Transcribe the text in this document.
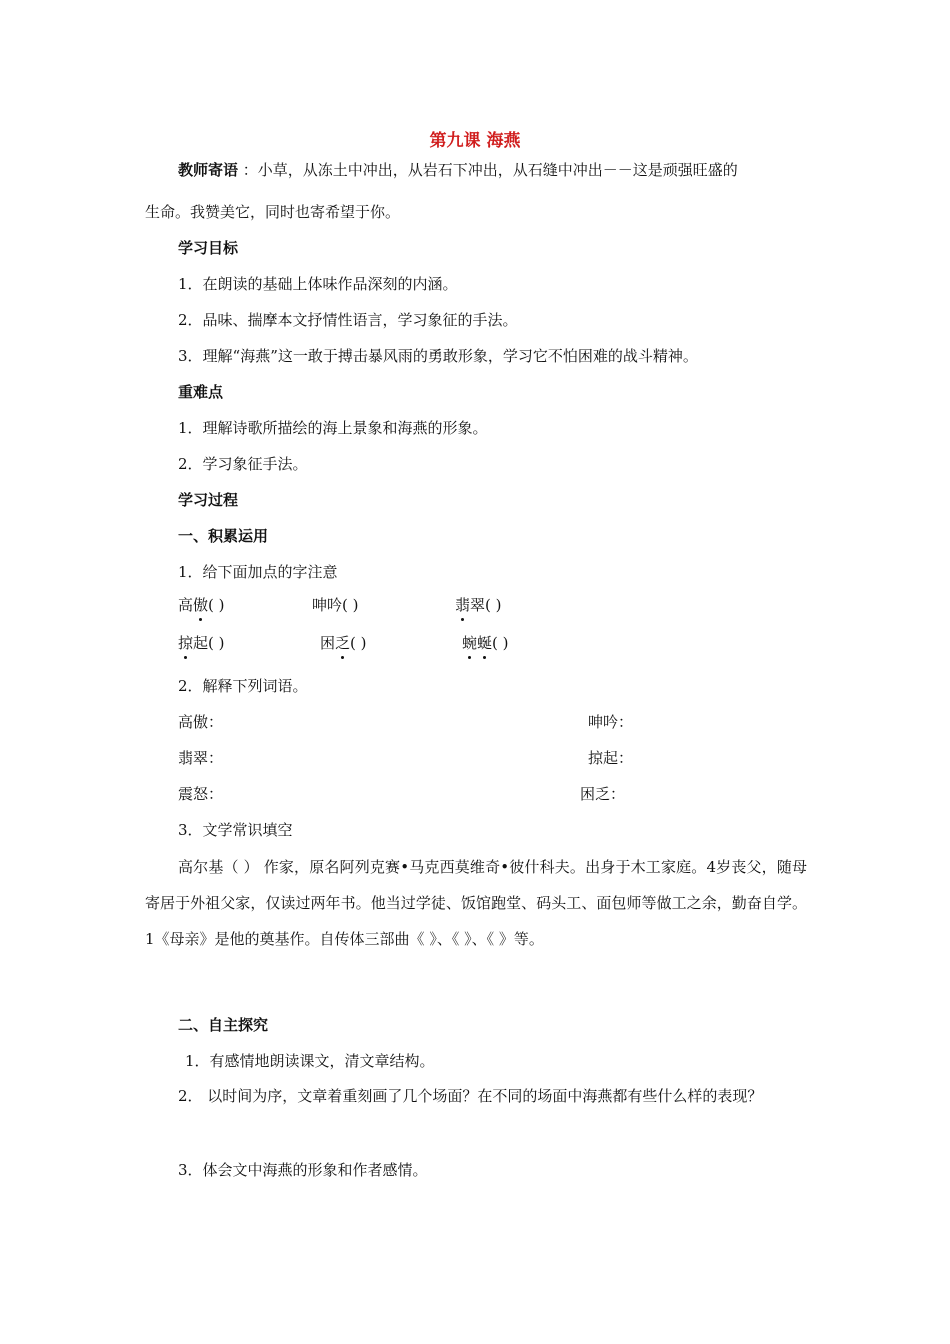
第九课 海燕
教师寄语 ：小草，从冻土中冲出，从岩石下冲出，从石缝中冲出－－这是顽强旺盛的
生命。我赞美它，同时也寄希望于你。
学习目标
1．在朗读的基础上体味作品深刻的内涵。
2．品味、揣摩本文抒情性语言，学习象征的手法。
3．理解“海燕”这一敢于搏击暴风雨的勇敢形象，学习它不怕困难的战斗精神。
重难点
1．理解诗歌所描绘的海上景象和海燕的形象。
2．学习象征手法。
学习过程
一、积累运用
1．给下面加点的字注意
高傲( )	呻吟( )	翡翠( )
掠起( )	困乏( )	蜿蜒( )
2．解释下列词语。
高傲：	呻吟：
翡翠：	掠起：
震怒：	困乏：
3．文学常识填空
高尔基（ ） 作家，原名阿列克赛•马克西莫维奇•彼什科夫。出身于木工家庭。4岁丧父，随母寄居于外祖父家，仅读过两年书。他当过学徒、饭馆跑堂、码头工、面包师等做工之余，勤奋自学。1《母亲》是他的奠基作。自传体三部曲《 》、《 》、《 》等。
二、自主探究
1．有感情地朗读课文，清文章结构。
2． 以时间为序，文章着重刻画了几个场面？在不同的场面中海燕都有些什么样的表现？
3．体会文中海燕的形象和作者感情。
